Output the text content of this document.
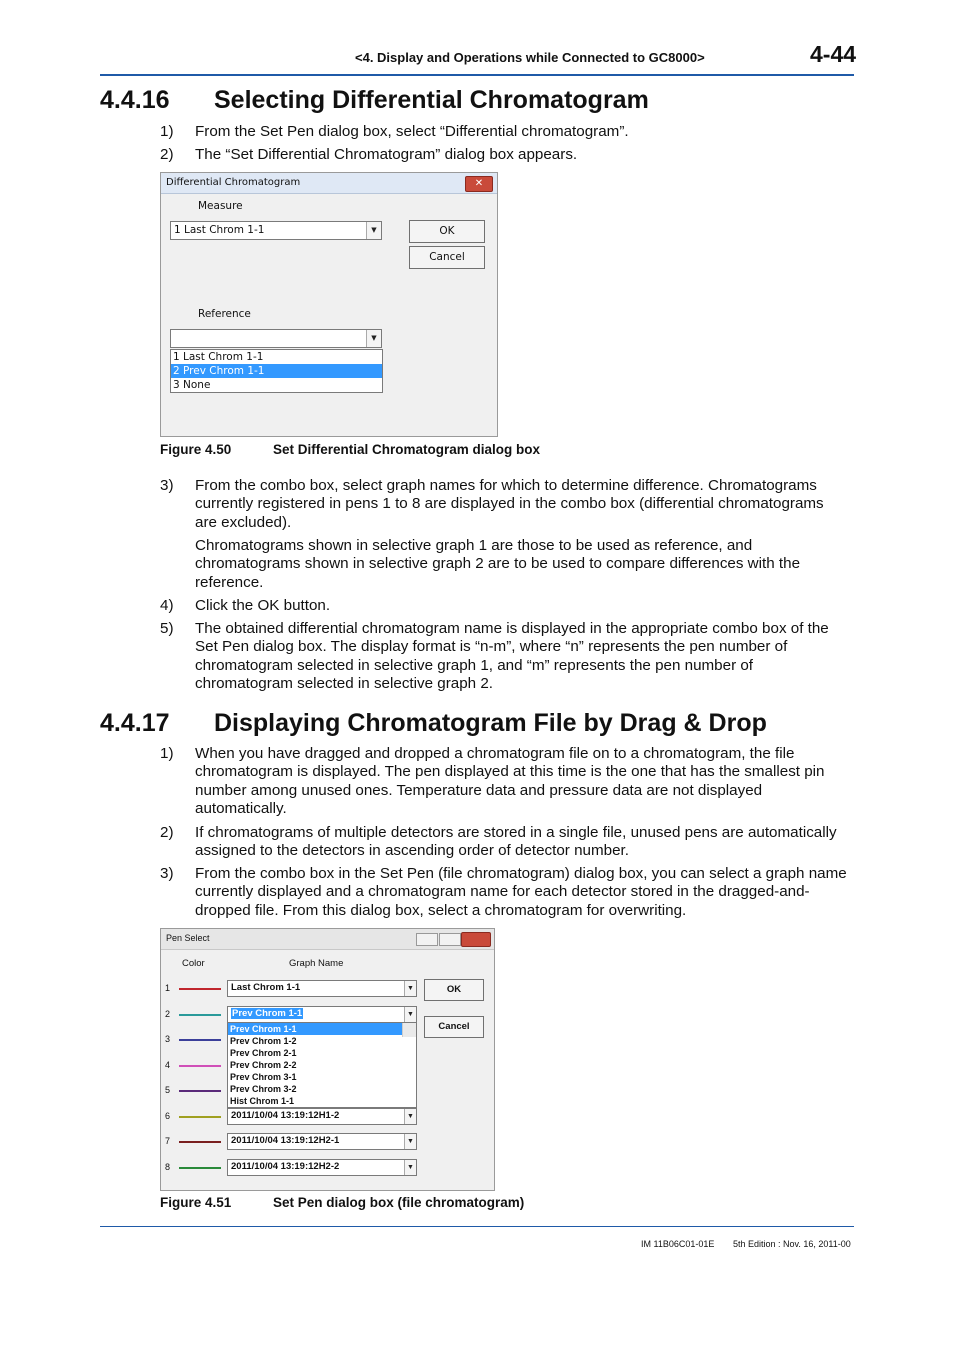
<4. Display and Operations while Connected to GC8000>	4-44
4.4.16 Selecting Differential Chromatogram
1) From the Set Pen dialog box, select “Differential chromatogram”.
2) The “Set Differential Chromatogram” dialog box appears.
Differential Chromatogram	✕
Measure
1 Last Chrom 1-1	▼	OK
Cancel
Reference
▼
1 Last Chrom 1-1
2 Prev Chrom 1-1
3 None
Figure 4.50	Set Differential Chromatogram dialog box
3) From the combo box, select graph names for which to determine difference. Chromatograms currently registered in pens 1 to 8 are displayed in the combo box (differential chromatograms are excluded).
Chromatograms shown in selective graph 1 are those to be used as reference, and chromatograms shown in selective graph 2 are to be used to compare differences with the reference.
4) Click the OK button.
5) The obtained differential chromatogram name is displayed in the appropriate combo box of the Set Pen dialog box. The display format is “n-m”, where “n” represents the pen number of chromatogram selected in selective graph 1, and “m” represents the pen number of chromatogram selected in selective graph 2.
4.4.17 Displaying Chromatogram File by Drag & Drop
1) When you have dragged and dropped a chromatogram file on to a chromatogram, the file chromatogram is displayed. The pen displayed at this time is the one that has the smallest pin number among unused ones. Temperature data and pressure data are not displayed automatically.
2) If chromatograms of multiple detectors are stored in a single file, unused pens are automatically assigned to the detectors in ascending order of detector number.
3) From the combo box in the Set Pen (file chromatogram) dialog box, you can select a graph name currently displayed and a chromatogram name for each detector stored in the dragged-and-dropped file. From this dialog box, select a chromatogram for overwriting.
Pen Select
Color	Graph Name
1	Last Chrom 1-1	▼
2	Prev Chrom 1-1	▼
3
4
5
Prev Chrom 1-1
Prev Chrom 1-2
Prev Chrom 2-1
Prev Chrom 2-2
Prev Chrom 3-1
Prev Chrom 3-2
Hist Chrom 1-1
6	2011/10/04 13:19:12H1-2	▼
7	2011/10/04 13:19:12H2-1	▼
8	2011/10/04 13:19:12H2-2	▼
OK
Cancel
Figure 4.51	Set Pen dialog box (file chromatogram)
IM 11B06C01-01E 5th Edition : Nov. 16, 2011-00
